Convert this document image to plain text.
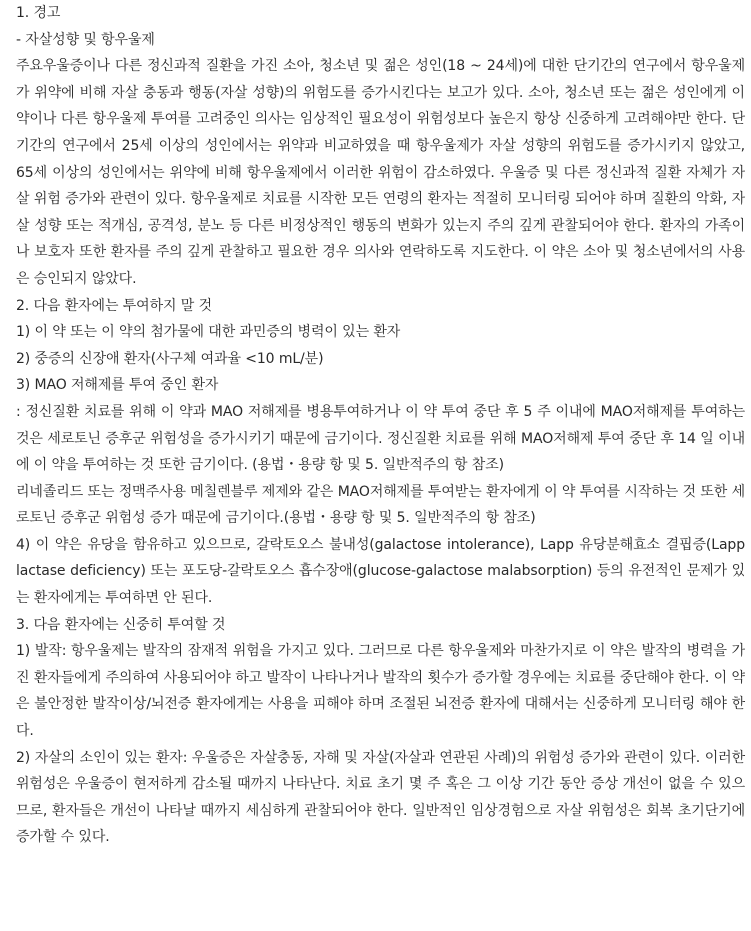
1. 경고

- 자살성향 및 항우울제

주요우울증이나 다른 정신과적 질환을 가진 소아, 청소년 및 젊은 성인(18 ~ 24세)에 대한 단기간의 연구에서 항우울제가 위약에 비해 자살 충동과 행동(자살 성향)의 위험도를 증가시킨다는 보고가 있다. 소아, 청소년 또는 젊은 성인에게 이 약이나 다른 항우울제 투여를 고려중인 의사는 임상적인 필요성이 위험성보다 높은지 항상 신중하게 고려해야만 한다. 단기간의 연구에서 25세 이상의 성인에서는 위약과 비교하였을 때 항우울제가 자살 성향의 위험도를 증가시키지 않았고, 65세 이상의 성인에서는 위약에 비해 항우울제에서 이러한 위험이 감소하였다. 우울증 및 다른 정신과적 질환 자체가 자살 위험 증가와 관련이 있다. 항우울제로 치료를 시작한 모든 연령의 환자는 적절히 모니터링 되어야 하며 질환의 악화, 자살 성향 또는 적개심, 공격성, 분노 등 다른 비정상적인 행동의 변화가 있는지 주의 깊게 관찰되어야 한다. 환자의 가족이나 보호자 또한 환자를 주의 깊게 관찰하고 필요한 경우 의사와 연락하도록 지도한다. 이 약은 소아 및 청소년에서의 사용은 승인되지 않았다.

2. 다음 환자에는 투여하지 말 것

1) 이 약 또는 이 약의 첨가물에 대한 과민증의 병력이 있는 환자

2) 중증의 신장애 환자(사구체 여과율 <10 mL/분)

3) MAO 저해제를 투여 중인 환자

: 정신질환 치료를 위해 이 약과 MAO 저해제를 병용투여하거나 이 약 투여 중단 후 5 주 이내에 MAO저해제를 투여하는 것은 세로토닌 증후군 위험성을 증가시키기 때문에 금기이다. 정신질환 치료를 위해 MAO저해제 투여 중단 후 14 일 이내에 이 약을 투여하는 것 또한 금기이다. (용법・용량 항 및 5. 일반적주의 항 참조)

리네졸리드 또는 정맥주사용 메칠렌블루 제제와 같은 MAO저해제를 투여받는 환자에게 이 약 투여를 시작하는 것 또한 세로토닌 증후군 위험성 증가 때문에 금기이다.(용법・용량 항 및 5. 일반적주의 항 참조)

4) 이 약은 유당을 함유하고 있으므로, 갈락토오스 불내성(galactose intolerance), Lapp 유당분해효소 결핍증(Lapp lactase deficiency) 또는 포도당-갈락토오스 흡수장애(glucose-galactose malabsorption) 등의 유전적인 문제가 있는 환자에게는 투여하면 안 된다.

3. 다음 환자에는 신중히 투여할 것

1) 발작: 항우울제는 발작의 잠재적 위험을 가지고 있다. 그러므로 다른 항우울제와 마찬가지로 이 약은 발작의 병력을 가진 환자들에게 주의하여 사용되어야 하고 발작이 나타나거나 발작의 횟수가 증가할 경우에는 치료를 중단해야 한다. 이 약은 불안정한 발작이상/뇌전증 환자에게는 사용을 피해야 하며 조절된 뇌전증 환자에 대해서는 신중하게 모니터링 해야 한다.

2) 자살의 소인이 있는 환자: 우울증은 자살충동, 자해 및 자살(자살과 연관된 사례)의 위험성 증가와 관련이 있다. 이러한 위험성은 우울증이 현저하게 감소될 때까지 나타난다. 치료 초기 몇 주 혹은 그 이상 기간 동안 증상 개선이 없을 수 있으므로, 환자들은 개선이 나타날 때까지 세심하게 관찰되어야 한다. 일반적인 임상경험으로 자살 위험성은 회복 초기단기에 증가할 수 있다.
